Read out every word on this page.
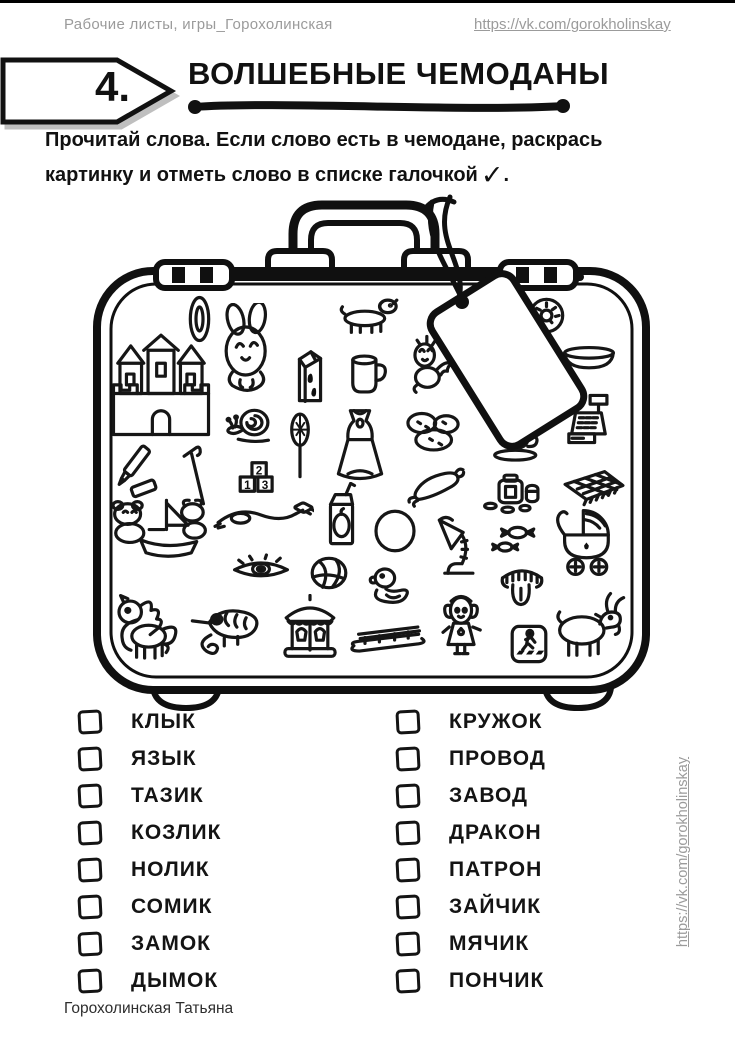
Рабочие листы, игры_Горохолинская	https://vk.com/gorokholinskay
4. ВОЛШЕБНЫЕ ЧЕМОДАНЫ

Прочитай слова. Если слово есть в чемодане, раскрась
картинку и отметь слово в списке галочкой ✓.

1
2
3
КЛЫК
ЯЗЫК
ТАЗИК
КОЗЛИК
НОЛИК
СОМИК
ЗАМОК
ДЫМОК
КРУЖОК
ПРОВОД
ЗАВОД
ДРАКОН
ПАТРОН
ЗАЙЧИК
МЯЧИК
ПОНЧИК
Горохолинская Татьяна
https://vk.com/gorokholinskay
